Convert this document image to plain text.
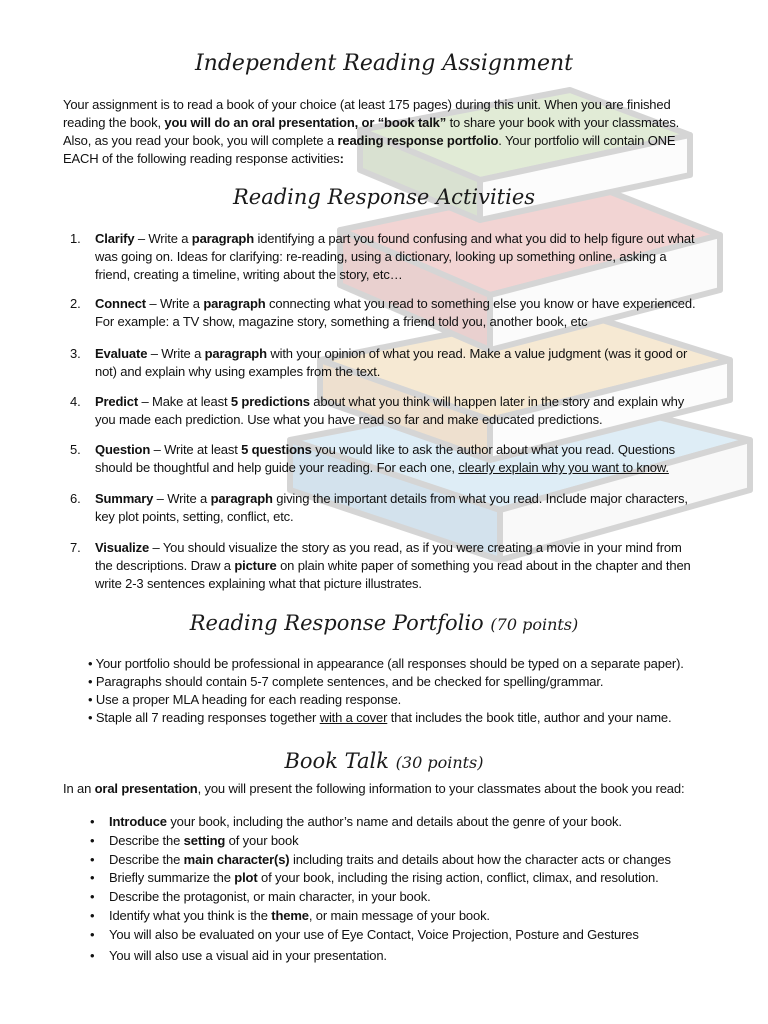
Independent Reading Assignment
Your assignment is to read a book of your choice (at least 175 pages) during this unit. When you are finished reading the book, you will do an oral presentation, or “book talk” to share your book with your classmates. Also, as you read your book, you will complete a reading response portfolio. Your portfolio will contain ONE EACH of the following reading response activities:
Reading Response Activities
1.	Clarify – Write a paragraph identifying a part you found confusing and what you did to help figure out what was going on. Ideas for clarifying: re-reading, using a dictionary, looking up something online, asking a friend, creating a timeline, writing about the story, etc…
2.	Connect – Write a paragraph connecting what you read to something else you know or have experienced. For example: a TV show, magazine story, something a friend told you, another book, etc
3.	Evaluate – Write a paragraph with your opinion of what you read. Make a value judgment (was it good or not) and explain why using examples from the text.
4.	Predict – Make at least 5 predictions about what you think will happen later in the story and explain why you made each prediction. Use what you have read so far and make educated predictions.
5.	Question – Write at least 5 questions you would like to ask the author about what you read. Questions should be thoughtful and help guide your reading. For each one, clearly explain why you want to know.
6.	Summary – Write a paragraph giving the important details from what you read. Include major characters, key plot points, setting, conflict, etc.
7.	Visualize – You should visualize the story as you read, as if you were creating a movie in your mind from the descriptions. Draw a picture on plain white paper of something you read about in the chapter and then write 2-3 sentences explaining what that picture illustrates.
Reading Response Portfolio (70 points)
• Your portfolio should be professional in appearance (all responses should be typed on a separate paper).
• Paragraphs should contain 5-7 complete sentences, and be checked for spelling/grammar.
• Use a proper MLA heading for each reading response.
• Staple all 7 reading responses together with a cover that includes the book title, author and your name.
Book Talk (30 points)
In an oral presentation, you will present the following information to your classmates about the book you read:
• Introduce your book, including the author’s name and details about the genre of your book.
• Describe the setting of your book
• Describe the main character(s) including traits and details about how the character acts or changes
• Briefly summarize the plot of your book, including the rising action, conflict, climax, and resolution.
• Describe the protagonist, or main character, in your book.
• Identify what you think is the theme, or main message of your book.
• You will also be evaluated on your use of Eye Contact, Voice Projection, Posture and Gestures
• You will also use a visual aid in your presentation.
